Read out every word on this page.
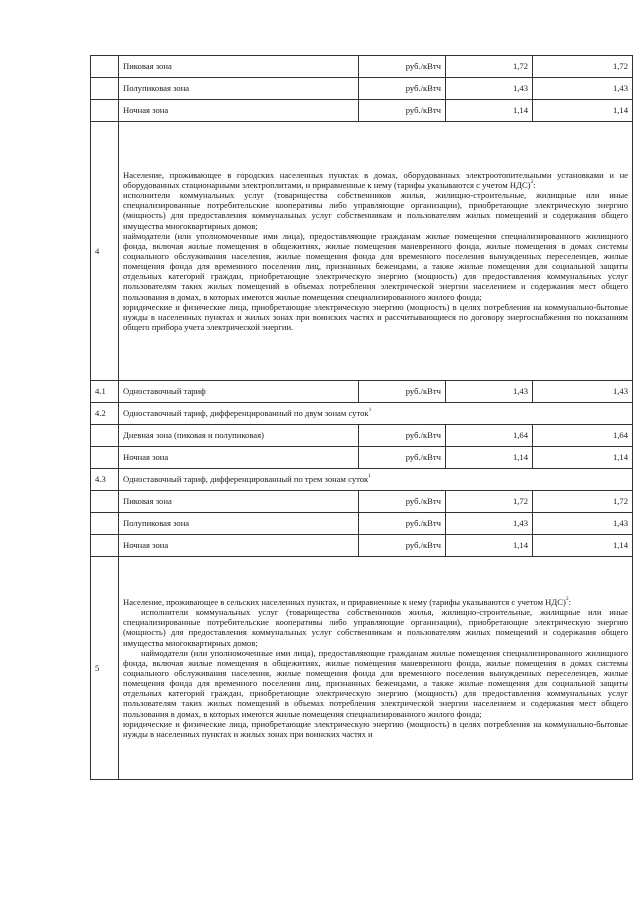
	Пиковая зона	руб./кВтч	1,72	1,72
	Полупиковая зона	руб./кВтч	1,43	1,43
	Ночная зона	руб./кВтч	1,14	1,14
4	Население, проживающее в городских населенных пунктах в домах, оборудованных электроотопительными установками и не оборудованных стационарными электроплитами, и приравненные к нему (тарифы указываются с учетом НДС)$^2$:

исполнители коммунальных услуг (товарищества собственников жилья, жилищно-строительные, жилищные или иные специализированные потребительские кооперативы либо управляющие организации), приобретающие электрическую энергию (мощность) для предоставления коммунальных услуг собственникам и пользователям жилых помещений и содержания общего имущества многоквартирных домов;

наймодатели (или уполномоченные ими лица), предоставляющие гражданам жилые помещения специализированного жилищного фонда, включая жилые помещения в общежитиях, жилые помещения маневренного фонда, жилые помещения в домах системы социального обслуживания населения, жилые помещения фонда для временного поселения вынужденных переселенцев, жилые помещения фонда для временного поселения лиц, признанных беженцами, а также жилые помещения для социальной защиты отдельных категорий граждан, приобретающие электрическую энергию (мощность) для предоставления коммунальных услуг пользователям таких жилых помещений в объемах потребления электрической энергии населением и содержания мест общего пользования в домах, в которых имеются жилые помещения специализированного жилого фонда;

юридические и физические лица, приобретающие электрическую энергию (мощность) в целях потребления на коммунально-бытовые нужды в населенных пунктах и жилых зонах при воинских частях и рассчитывающиеся по договору энергоснабжения по показаниям общего прибора учета электрической энергии.			

4.1	Одноставочный тариф	руб./кВтч	1,43	1,43
4.2	Одноставочный тариф, дифференцированный по двум зонам суток$^1$
	Дневная зона (пиковая и полупиковая)	руб./кВтч	1,64	1,64
	Ночная зона	руб./кВтч	1,14	1,14
4.3	Одноставочный тариф, дифференцированный по трем зонам суток$^1$
	Пиковая зона	руб./кВтч	1,72	1,72
	Полупиковая зона	руб./кВтч	1,43	1,43
	Ночная зона	руб./кВтч	1,14	1,14
5	Население, проживающее в сельских населенных пунктах, и приравненные к нему (тарифы указываются с учетом НДС)$^2$:

исполнители коммунальных услуг (товарищества собственников жилья, жилищно-строительные, жилищные или иные специализированные потребительские кооперативы либо управляющие организации), приобретающие электрическую энергию (мощность) для предоставления коммунальных услуг собственникам и пользователям жилых помещений и содержания общего имущества многоквартирных домов;

наймодатели (или уполномоченные ими лица), предоставляющие гражданам жилые помещения специализированного жилищного фонда, включая жилые помещения в общежитиях, жилые помещения маневренного фонда, жилые помещения в домах системы социального обслуживания населения, жилые помещения фонда для временного поселения вынужденных переселенцев, жилые помещения фонда для временного поселения лиц, признанных беженцами, а также жилые помещения для социальной защиты отдельных категорий граждан, приобретающие электрическую энергию (мощность) для предоставления коммунальных услуг пользователям таких жилых помещений в объемах потребления электрической энергии населением и содержания мест общего пользования в домах, в которых имеются жилые помещения специализированного жилого фонда;

юридические и физические лица, приобретающие электрическую энергию (мощность) в целях потребления на коммунально-бытовые нужды в населенных пунктах и жилых зонах при воинских частях и			
